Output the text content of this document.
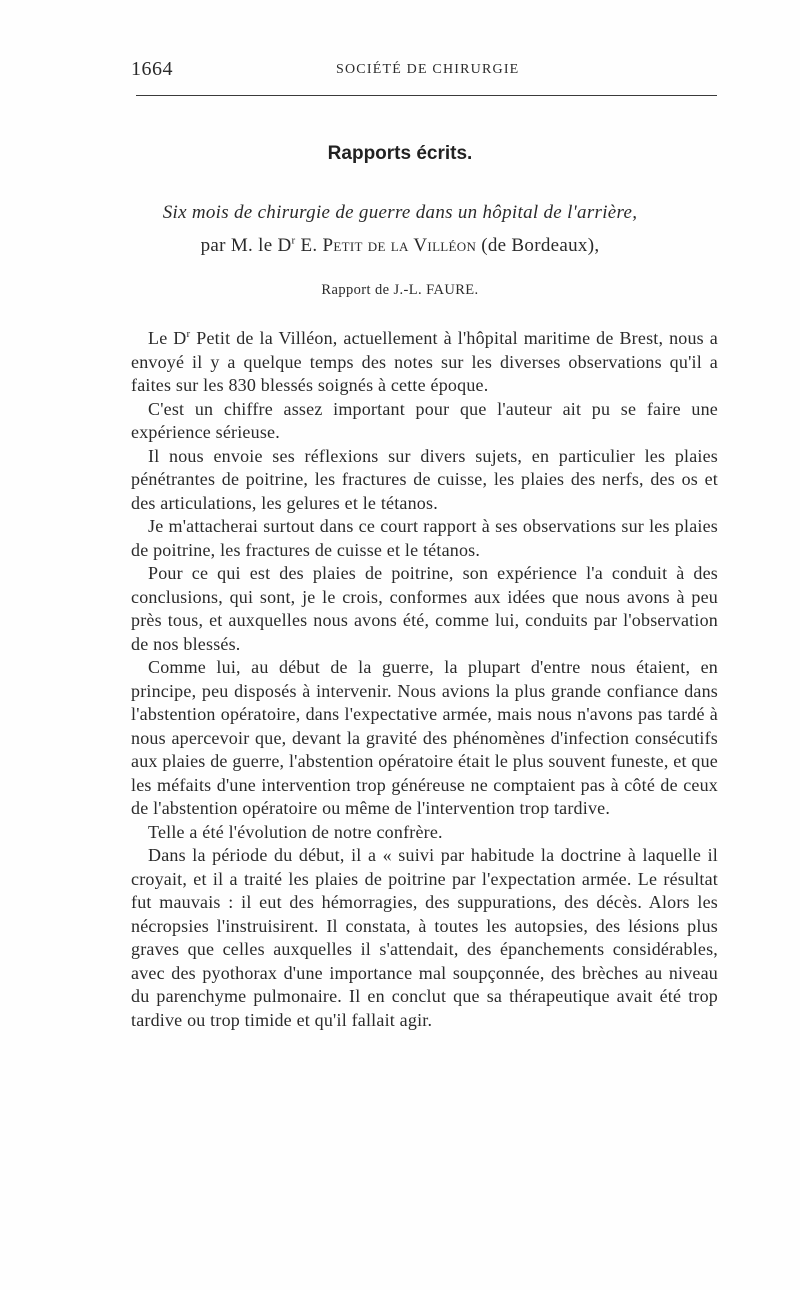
1664	SOCIÉTÉ DE CHIRURGIE
Rapports écrits.
Six mois de chirurgie de guerre dans un hôpital de l'arrière,
par M. le $D^r$ E. Petit de la Villéon (de Bordeaux),
Rapport de J.-L. FAURE.

Le $D^r$ Petit de la Villéon, actuellement à l'hôpital maritime de Brest, nous a envoyé il y a quelque temps des notes sur les diverses observations qu'il a faites sur les 830 blessés soignés à cette époque.

C'est un chiffre assez important pour que l'auteur ait pu se faire une expérience sérieuse.

Il nous envoie ses réflexions sur divers sujets, en particulier les plaies pénétrantes de poitrine, les fractures de cuisse, les plaies des nerfs, des os et des articulations, les gelures et le tétanos.

Je m'attacherai surtout dans ce court rapport à ses observations sur les plaies de poitrine, les fractures de cuisse et le tétanos.

Pour ce qui est des plaies de poitrine, son expérience l'a conduit à des conclusions, qui sont, je le crois, conformes aux idées que nous avons à peu près tous, et auxquelles nous avons été, comme lui, conduits par l'observation de nos blessés.

Comme lui, au début de la guerre, la plupart d'entre nous étaient, en principe, peu disposés à intervenir. Nous avions la plus grande confiance dans l'abstention opératoire, dans l'expectative armée, mais nous n'avons pas tardé à nous apercevoir que, devant la gravité des phénomènes d'infection consécutifs aux plaies de guerre, l'abstention opératoire était le plus souvent funeste, et que les méfaits d'une intervention trop généreuse ne comptaient pas à côté de ceux de l'abstention opératoire ou même de l'intervention trop tardive.

Telle a été l'évolution de notre confrère.

Dans la période du début, il a « suivi par habitude la doctrine à laquelle il croyait, et il a traité les plaies de poitrine par l'expectation armée. Le résultat fut mauvais : il eut des hémorragies, des suppurations, des décès. Alors les nécropsies l'instruisirent. Il constata, à toutes les autopsies, des lésions plus graves que celles auxquelles il s'attendait, des épanchements considérables, avec des pyothorax d'une importance mal soupçonnée, des brèches au niveau du parenchyme pulmonaire. Il en conclut que sa thérapeutique avait été trop tardive ou trop timide et qu'il fallait agir.
